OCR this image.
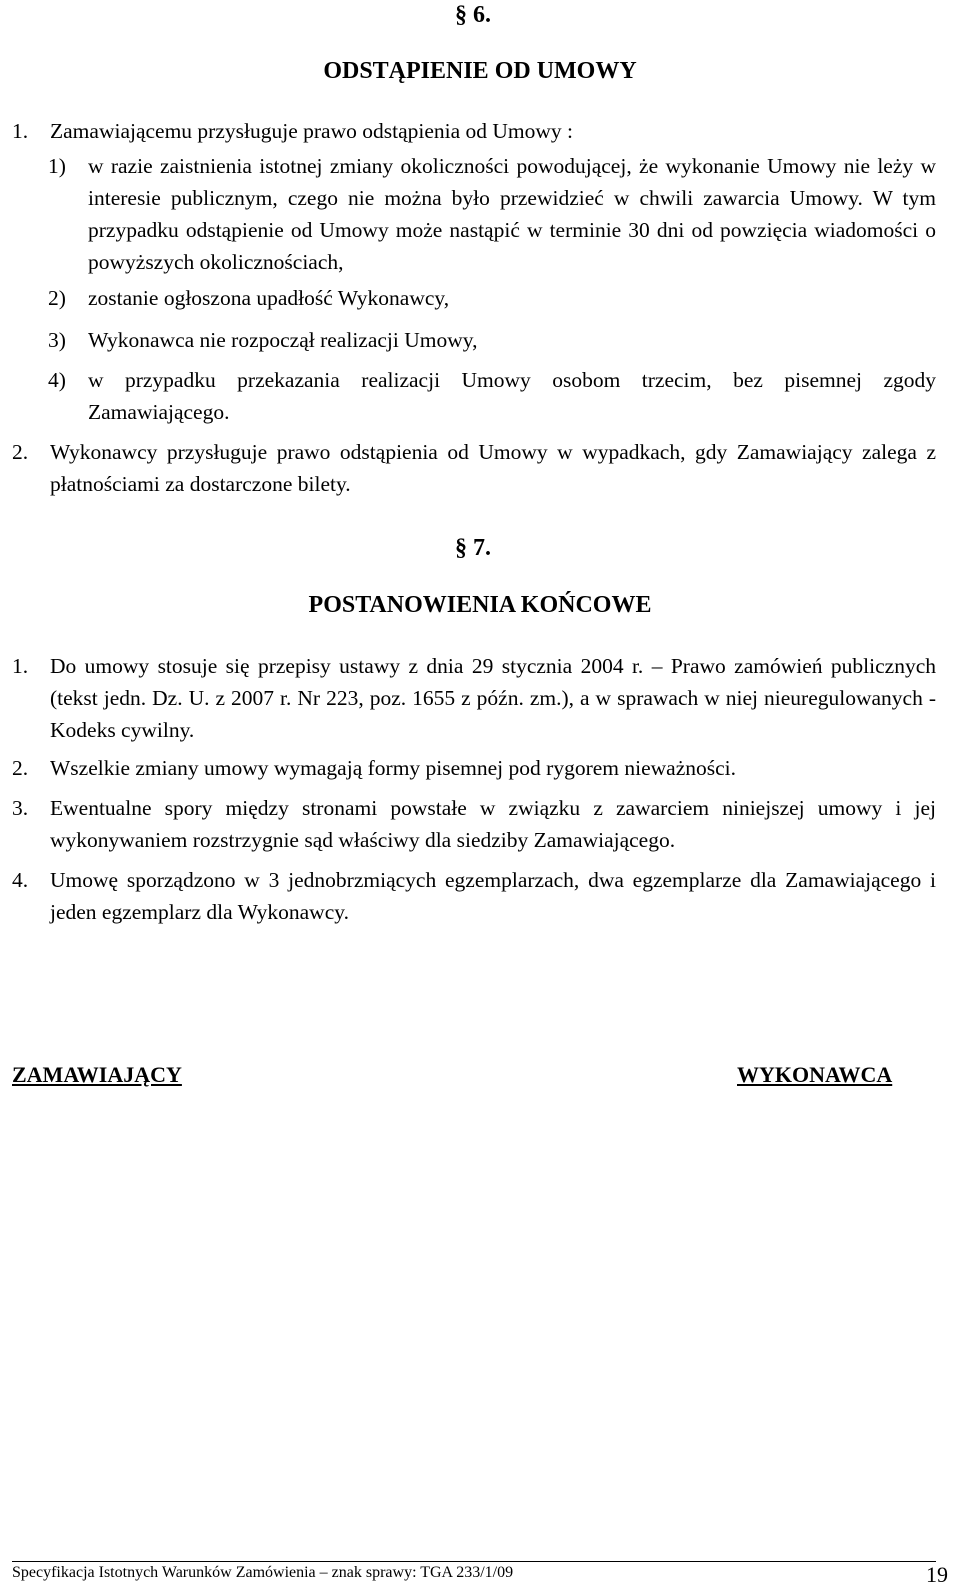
§ 6.
ODSTĄPIENIE OD UMOWY
1.	Zamawiającemu przysługuje prawo odstąpienia od Umowy :
1)	w razie zaistnienia istotnej zmiany okoliczności powodującej, że wykonanie Umowy nie leży w interesie publicznym, czego nie można było przewidzieć w chwili zawarcia Umowy. W tym przypadku odstąpienie od Umowy może nastąpić w terminie 30 dni od powzięcia wiadomości o powyższych okolicznościach,
2)	zostanie ogłoszona upadłość Wykonawcy,
3)	Wykonawca nie rozpoczął realizacji Umowy,
4)	w przypadku przekazania realizacji Umowy osobom trzecim, bez pisemnej zgody Zamawiającego.
2.	Wykonawcy przysługuje prawo odstąpienia od Umowy w wypadkach, gdy Zamawiający zalega z płatnościami za dostarczone bilety.
§ 7.
POSTANOWIENIA KOŃCOWE
1.	Do umowy stosuje się przepisy ustawy z dnia 29 stycznia 2004 r. – Prawo zamówień publicznych (tekst jedn. Dz. U. z 2007 r. Nr 223, poz. 1655 z późn. zm.), a w sprawach w niej nieuregulowanych - Kodeks cywilny.
2.	Wszelkie zmiany umowy wymagają formy pisemnej pod rygorem nieważności.
3.	Ewentualne spory między stronami powstałe w związku z zawarciem niniejszej umowy i jej wykonywaniem rozstrzygnie sąd właściwy dla siedziby Zamawiającego.
4.	Umowę sporządzono w 3 jednobrzmiących egzemplarzach, dwa egzemplarze dla Zamawiającego i jeden egzemplarz dla Wykonawcy.
ZAMAWIAJĄCY	WYKONAWCA
Specyfikacja Istotnych Warunków Zamówienia – znak sprawy: TGA 233/1/09	19
